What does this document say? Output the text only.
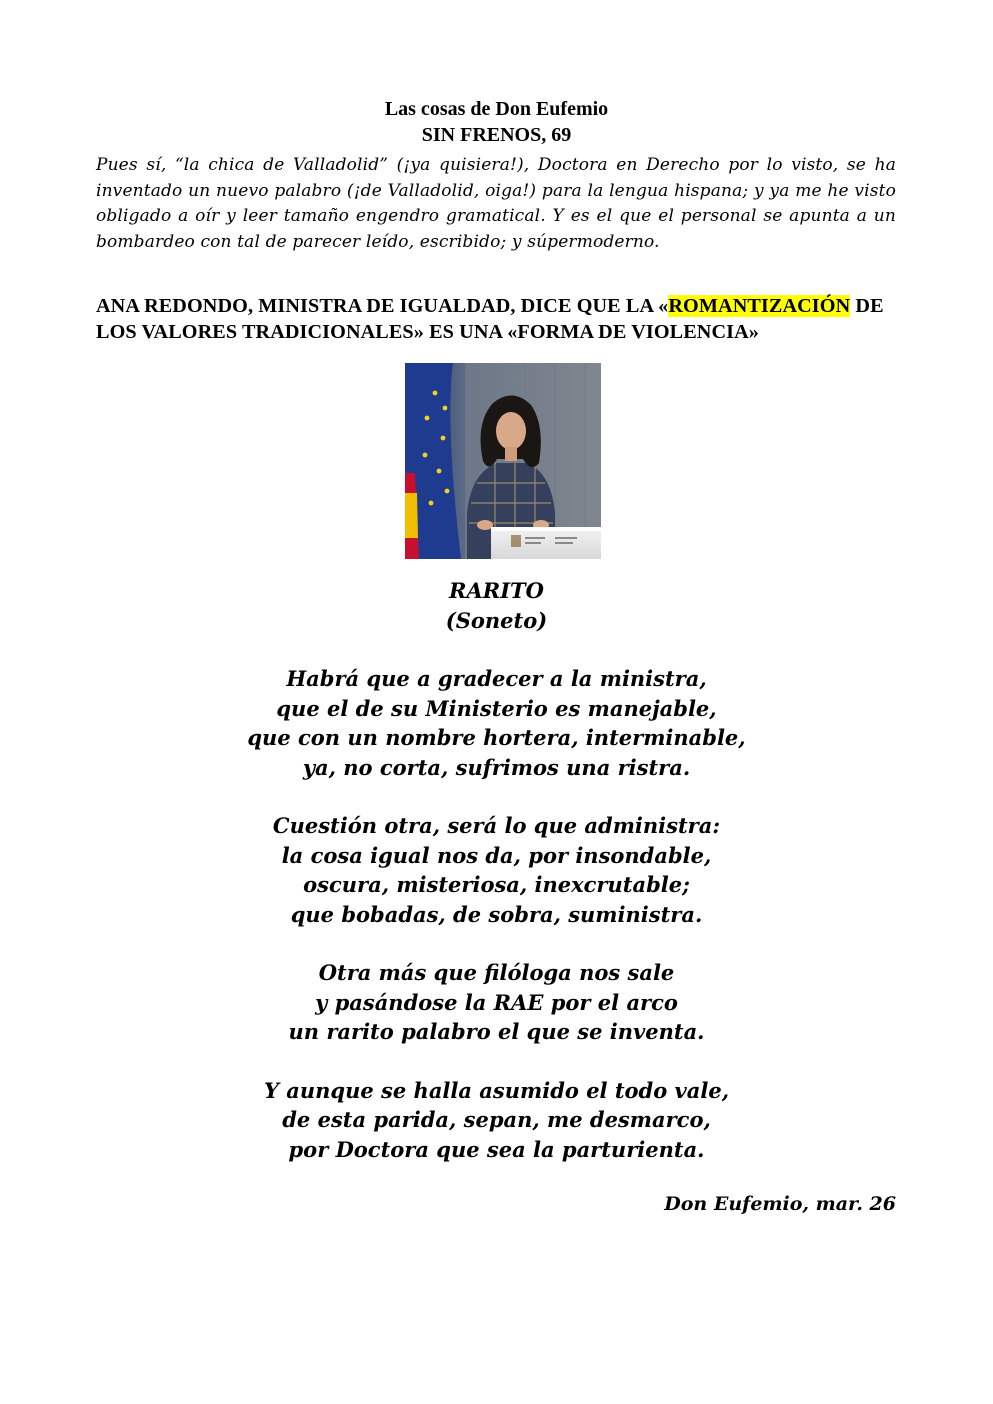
Las cosas de Don Eufemio
SIN FRENOS, 69
Pues sí, “la chica de Valladolid” (¡ya quisiera!), Doctora en Derecho por lo visto, se ha inventado un nuevo palabro (¡de Valladolid, oiga!) para la lengua hispana; y ya me he visto obligado a oír y leer tamaño engendro gramatical. Y es el que el personal se apunta a un bombardeo con tal de parecer leído, escribido; y súpermoderno.
ANA REDONDO, MINISTRA DE IGUALDAD, DICE QUE LA «ROMANTIZACIÓN DE LOS VALORES TRADICIONALES» ES UNA «FORMA DE VIOLENCIA»
RARITO
(Soneto)
Habrá que a gradecer a la ministra,
que el de su Ministerio es manejable,
que con un nombre hortera, interminable,
ya, no corta, sufrimos una ristra.
Cuestión otra, será lo que administra:
la cosa igual nos da, por insondable,
oscura, misteriosa, inexcrutable;
que bobadas, de sobra, suministra.
Otra más que filóloga nos sale
y pasándose la RAE por el arco
un rarito palabro el que se inventa.
Y aunque se halla asumido el todo vale,
de esta parida, sepan, me desmarco,
por Doctora que sea la parturienta.
Don Eufemio, mar. 26
